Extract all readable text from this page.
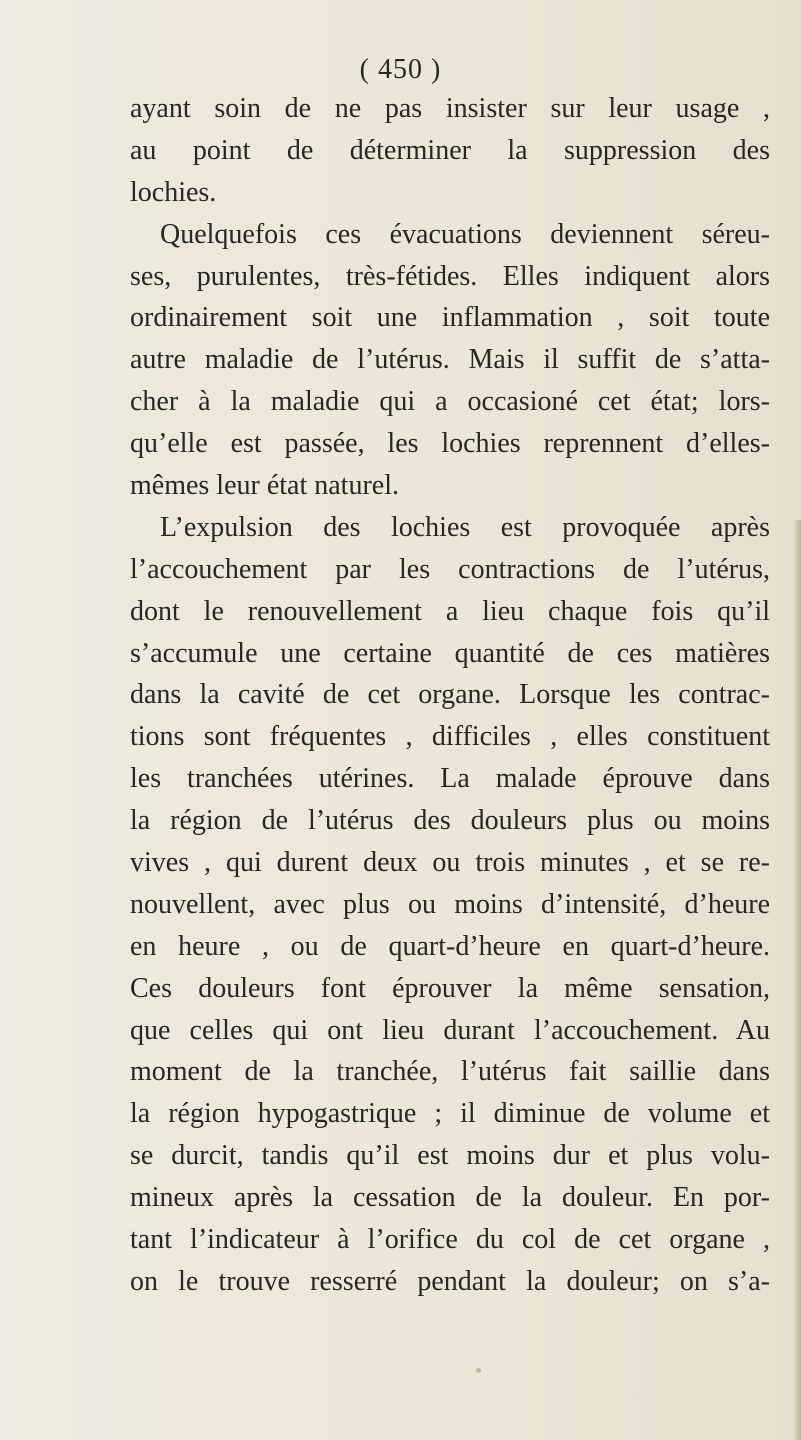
( 450 )
ayant soin de ne pas insister sur leur usage ,
au point de déterminer la suppression des
lochies.
Quelquefois ces évacuations deviennent séreu-
ses, purulentes, très-fétides. Elles indiquent alors
ordinairement soit une inflammation , soit toute
autre maladie de l’utérus. Mais il suffit de s’atta-
cher à la maladie qui a occasioné cet état; lors-
qu’elle est passée, les lochies reprennent d’elles-
mêmes leur état naturel.
L’expulsion des lochies est provoquée après
l’accouchement par les contractions de l’utérus,
dont le renouvellement a lieu chaque fois qu’il
s’accumule une certaine quantité de ces matières
dans la cavité de cet organe. Lorsque les contrac-
tions sont fréquentes , difficiles , elles constituent
les tranchées utérines. La malade éprouve dans
la région de l’utérus des douleurs plus ou moins
vives , qui durent deux ou trois minutes , et se re-
nouvellent, avec plus ou moins d’intensité, d’heure
en heure , ou de quart-d’heure en quart-d’heure.
Ces douleurs font éprouver la même sensation,
que celles qui ont lieu durant l’accouchement. Au
moment de la tranchée, l’utérus fait saillie dans
la région hypogastrique ; il diminue de volume et
se durcit, tandis qu’il est moins dur et plus volu-
mineux après la cessation de la douleur. En por-
tant l’indicateur à l’orifice du col de cet organe ,
on le trouve resserré pendant la douleur; on s’a-
